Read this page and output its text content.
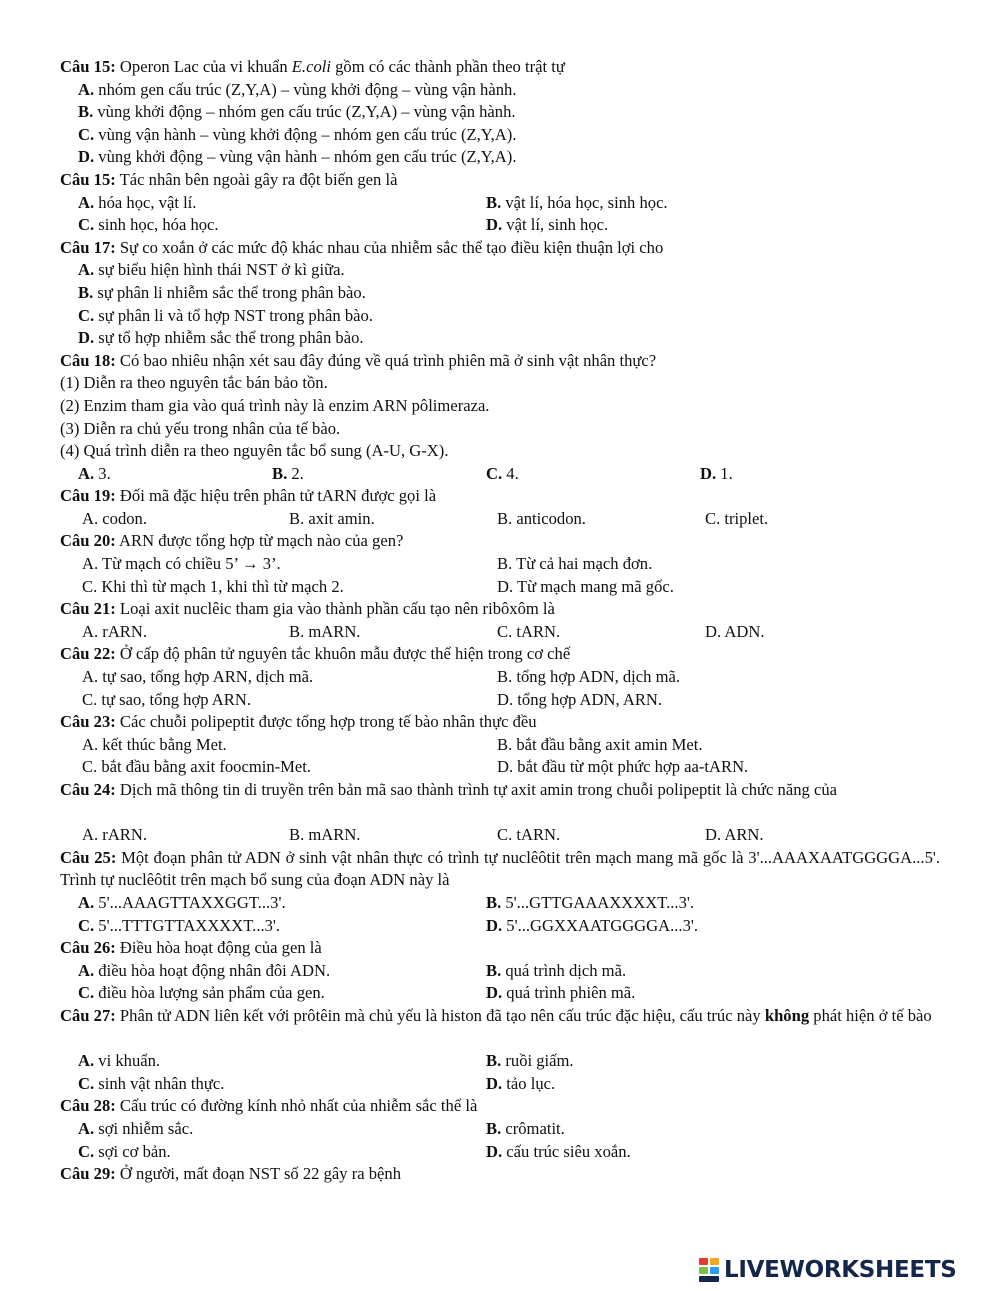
Câu 15: Operon Lac của vi khuẩn E.coli gồm có các thành phần theo trật tự
A. nhóm gen cấu trúc (Z,Y,A) – vùng khởi động – vùng vận hành.
B. vùng khởi động – nhóm gen cấu trúc (Z,Y,A) – vùng vận hành.
C. vùng vận hành – vùng khởi động – nhóm gen cấu trúc (Z,Y,A).
D. vùng khởi động – vùng vận hành – nhóm gen cấu trúc (Z,Y,A).
Câu 15: Tác nhân bên ngoài gây ra đột biến gen là
A. hóa học, vật lí.	B. vật lí, hóa học, sinh học.
C. sinh học, hóa học.	D. vật lí, sinh học.
Câu 17: Sự co xoắn ở các mức độ khác nhau của nhiễm sắc thể tạo điều kiện thuận lợi cho
A. sự biểu hiện hình thái NST ở kì giữa.
B. sự phân li nhiễm sắc thể trong phân bào.
C. sự phân li và tổ hợp NST trong phân bào.
D. sự tổ hợp nhiễm sắc thể trong phân bào.
Câu 18: Có bao nhiêu nhận xét sau đây đúng về quá trình phiên mã ở sinh vật nhân thực?
(1) Diễn ra theo nguyên tắc bán bảo tồn.
(2) Enzim tham gia vào quá trình này là enzim ARN pôlimeraza.
(3) Diễn ra chủ yếu trong nhân của tế bào.
(4) Quá trình diễn ra theo nguyên tắc bổ sung (A-U, G-X).
A. 3.	B. 2.	C. 4.	D. 1.
Câu 19: Đối mã đặc hiệu trên phân tử tARN được gọi là
A. codon.	B. axit amin.	B. anticodon.	C. triplet.
Câu 20: ARN được tổng hợp từ mạch nào của gen?
A. Từ mạch có chiều 5’ → 3’.	B. Từ cả hai mạch đơn.
C. Khi thì từ mạch 1, khi thì từ mạch 2.	D. Từ mạch mang mã gốc.
Câu 21: Loại axit nuclêic tham gia vào thành phần cấu tạo nên ribôxôm là
A. rARN.	B. mARN.	C. tARN.	D. ADN.
Câu 22: Ở cấp độ phân tử nguyên tắc khuôn mẫu được thể hiện trong cơ chế
A. tự sao, tổng hợp ARN, dịch mã.	B. tổng hợp ADN, dịch mã.
C. tự sao, tổng hợp ARN.	D. tổng hợp ADN, ARN.
Câu 23: Các chuỗi polipeptit được tổng hợp trong tế bào nhân thực đều
A. kết thúc bằng Met.	B. bắt đầu bằng axit amin Met.
C. bắt đầu bằng axit foocmin-Met.	D. bắt đầu từ một phức hợp aa-tARN.
Câu 24: Dịch mã thông tin di truyền trên bản mã sao thành trình tự axit amin trong chuỗi polipeptit là chức năng của
A. rARN.	B. mARN.	C. tARN.	D. ARN.
Câu 25: Một đoạn phân tử ADN ở sinh vật nhân thực có trình tự nuclêôtit trên mạch mang mã gốc là 3'...AAAXAATGGGGA...5'. Trình tự nuclêôtit trên mạch bổ sung của đoạn ADN này là
A. 5'...AAAGTTAXXGGT...3'.	B. 5'...GTTGAAAXXXXT...3'.
C. 5'...TTTGTTAXXXXT...3'.	D. 5'...GGXXAATGGGGA...3'.
Câu 26: Điều hòa hoạt động của gen là
A. điều hòa hoạt động nhân đôi ADN.	B. quá trình dịch mã.
C. điều hòa lượng sản phẩm của gen.	D. quá trình phiên mã.
Câu 27: Phân tử ADN liên kết với prôtêin mà chủ yếu là histon đã tạo nên cấu trúc đặc hiệu, cấu trúc này không phát hiện ở tế bào
A. vi khuẩn.	B. ruồi giấm.
C. sinh vật nhân thực.	D. tảo lục.
Câu 28: Cấu trúc có đường kính nhỏ nhất của nhiễm sắc thể là
A. sợi nhiễm sắc.	B. crômatit.
C. sợi cơ bản.	D. cấu trúc siêu xoắn.
Câu 29: Ở người, mất đoạn NST số 22 gây ra bệnh
LIVEWORKSHEETS
